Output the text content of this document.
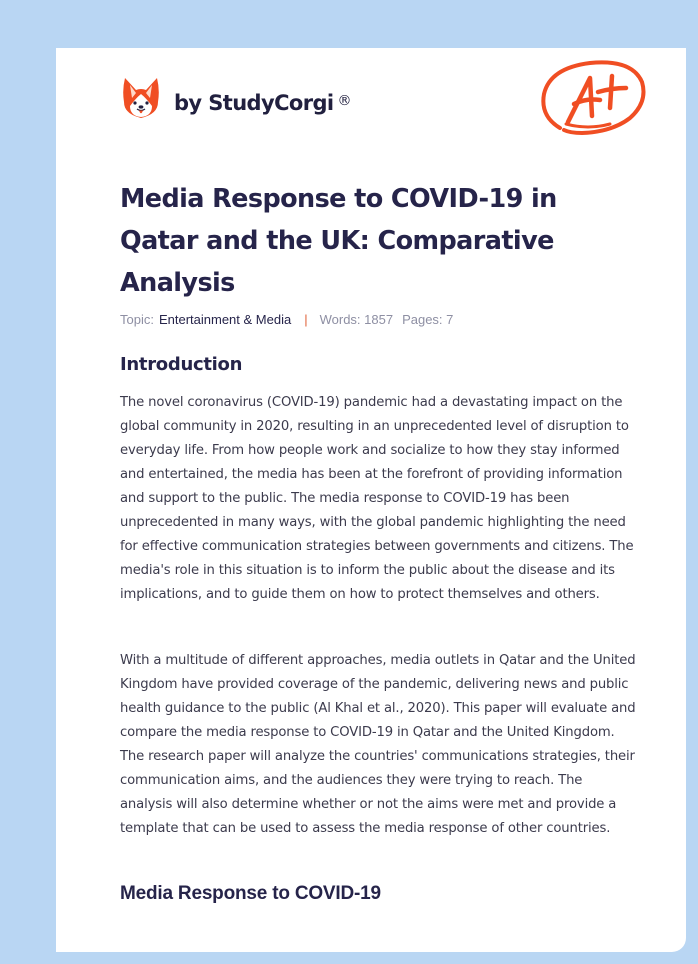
by StudyCorgi ®
Media Response to COVID-19 in Qatar and the UK: Comparative Analysis
Topic: Entertainment & Media | Words: 1857 Pages: 7
Introduction

The novel coronavirus (COVID-19) pandemic had a devastating impact on the global community in 2020, resulting in an unprecedented level of disruption to everyday life. From how people work and socialize to how they stay informed and entertained, the media has been at the forefront of providing information and support to the public. The media response to COVID-19 has been unprecedented in many ways, with the global pandemic highlighting the need for effective communication strategies between governments and citizens. The media's role in this situation is to inform the public about the disease and its implications, and to guide them on how to protect themselves and others.

With a multitude of different approaches, media outlets in Qatar and the United Kingdom have provided coverage of the pandemic, delivering news and public health guidance to the public (Al Khal et al., 2020). This paper will evaluate and compare the media response to COVID-19 in Qatar and the United Kingdom. The research paper will analyze the countries' communications strategies, their communication aims, and the audiences they were trying to reach. The analysis will also determine whether or not the aims were met and provide a template that can be used to assess the media response of other countries.

Media Response to COVID-19
